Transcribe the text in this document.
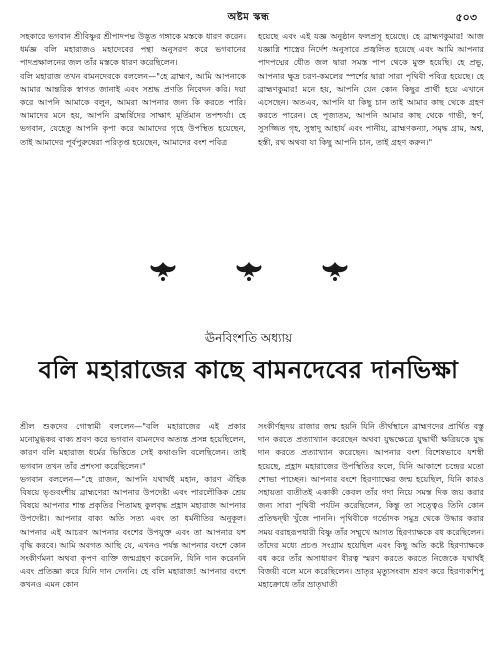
অষ্টম স্কন্ধ	৫০৩
সহকারে ভগবান শ্রীবিষ্ণুর শ্রীপাদপদ্ম উদ্ভূত গঙ্গাকে মস্তকে ধারণ করেন। ধর্মজ্ঞ বলি মহারাজও মহাদেবের পন্থা অনুসরণ করে ভগবানের পাদপ্রক্ষালনের জল তাঁর মস্তকে ধারণ করেছিলেন।
বলি মহারাজ তখন বামনদেবকে বললেন—"হে ব্রাহ্মণ, আমি আপনাকে আমার আন্তরিক স্বাগত জানাই এবং সশ্রদ্ধ প্রণতি নিবেদন করি। দয়া করে আপনি আমাকে বলুন, আমরা আপনার জন্য কি করতে পারি। আমাদের মনে হয়, আপনি ব্রহ্মর্ষিদের সাক্ষাৎ মূর্তিমান তপশ্চর্যা। হে ভগবান, যেহেতু আপনি কৃপা করে আমাদের গৃহে উপস্থিত হয়েছেন, তাই আমাদের পূর্বপুরুষেরা পরিতৃপ্ত হয়েছেন, আমাদের বংশ পবিত্র
হয়েছে এবং এই যজ্ঞ অনুষ্ঠান ফলপ্রসূ হয়েছে। হে ব্রাহ্মণকুমার! আজ যজ্ঞাগ্নি শাস্ত্রের নির্দেশ অনুসারে প্রজ্বলিত হয়েছে এবং আমি আপনার পাদপদ্মের ধৌত জল দ্বারা সমস্ত পাপ থেকে মুক্ত হয়েছি। হে প্রভু, আপনার ক্ষুদ্র চরণ-কমলের স্পর্শের দ্বারা সারা পৃথিবী পবিত্র হয়েছে। হে ব্রাহ্মণকুমার! মনে হয়, আপনি যেন কোন কিছুর প্রার্থী হয়ে এখানে এসেছেন। অতএব, আপনি যা কিছু চান তাই আমার কাছ থেকে গ্রহণ করতে পারেন। হে পূজ্যতম, আপনি আমার কাছ থেকে গাভী, স্বর্ণ, সুসজ্জিত গৃহ, সুস্বাদু আহার্য এবং পানীয়, ব্রাহ্মণকন্যা, সমৃদ্ধ গ্রাম, অশ্ব, হস্তী, রথ অথবা যা কিছু আপনি চান, তাই গ্রহণ করুন।"
ঊনবিংশতি অধ্যায়
বলি মহারাজের কাছে বামনদেবের দানভিক্ষা
শ্রীল শুকদেব গোস্বামী বললেন—"বলি মহারাজের এই প্রকার মনোমুগ্ধকর বাক্য শ্রবণ করে ভগবান বামনদেব অত্যন্ত প্রসন্ন হয়েছিলেন, কারণ বলি মহারাজ ধর্মের ভিত্তিতে সেই কথাগুলি বলেছিলেন। তাই ভগবান তখন তাঁর প্রশংসা করেছিলেন।"
ভগবান বললেন—"হে রাজন, আপনি যথার্থই মহান, কারণ ঐহিক বিষয়ে ভৃগুবংশীয় ব্রাহ্মণেরা আপনার উপদেষ্টা এবং পারলৌকিক শ্রেয় বিষয়ে আপনার শান্ত প্রকৃতির পিতামহ কুলবৃদ্ধ প্রহ্লাদ মহারাজ আপনার উপদেষ্টা। আপনার বাক্য অতি সত্য এবং তা ধর্মনীতির অনুকূল। আপনার এই আচরণ আপনার বংশের উপযুক্ত এবং তা আপনার যশ বৃদ্ধি করবে। আমি অবগত আছি যে, এখনও পর্যন্ত আপনার বংশে কোন সংকীর্ণমনা অথবা কৃপণ ব্যক্তি জন্মগ্রহণ করেননি, যিনি দান করেননি এবং প্রতিজ্ঞা করে যিনি দান দেননি। হে বলি মহারাজ! আপনার বংশে কখনও এমন কোন
সংকীর্ণহৃদয় রাজার জন্ম হয়নি যিনি তীর্থস্থানে ব্রাহ্মণদের প্রার্থিত বস্তু দান করতে প্রত্যাখ্যান করেছেন অথবা যুদ্ধক্ষেত্রে যুদ্ধার্থী ক্ষত্রিয়কে যুদ্ধ দান করতে প্রত্যাখ্যান করেছেন। আপনার বংশ বিশেষভাবে যশস্বী হয়েছে, প্রহ্লাদ মহারাজের উপস্থিতির ফলে, যিনি আকাশে চন্দ্রের মতো শোভা পাচ্ছেন। আপনার বংশে হিরণ্যাক্ষের জন্ম হয়েছিল, যিনি কারও সহায়তা ব্যতীতই একাকী কেবল তাঁর গদা নিয়ে সমস্ত দিক জয় করার জন্য সারা পৃথিবী পর্যটন করেছিলেন, কিন্তু তা সত্ত্বেও তিনি কোন প্রতিদ্বন্দ্বী খুঁজে পাননি। পৃথিবীকে গর্ভোদক সমুদ্র থেকে উদ্ধার করার সময় বরাহরূপধারী বিষ্ণু তাঁর সম্মুখে আগত হিরণ্যাক্ষকে বধ করেছিলেন। তাঁদের মধ্যে প্রচণ্ড সংগ্রাম হয়েছিল এবং কিছু অতি কষ্টে হিরণ্যাক্ষকে বধ করে তাঁর অসাধারণ বীরত্ব স্মরণ করতে করতে নিজেকে যথার্থই বিজয়ী বলে মনে করেছিলেন। ভ্রাতৃর মৃত্যুসংবাদ শ্রবণ করে হিরণ্যকশিপু মহাক্রোধে তাঁর ভ্রাতৃঘাতী
